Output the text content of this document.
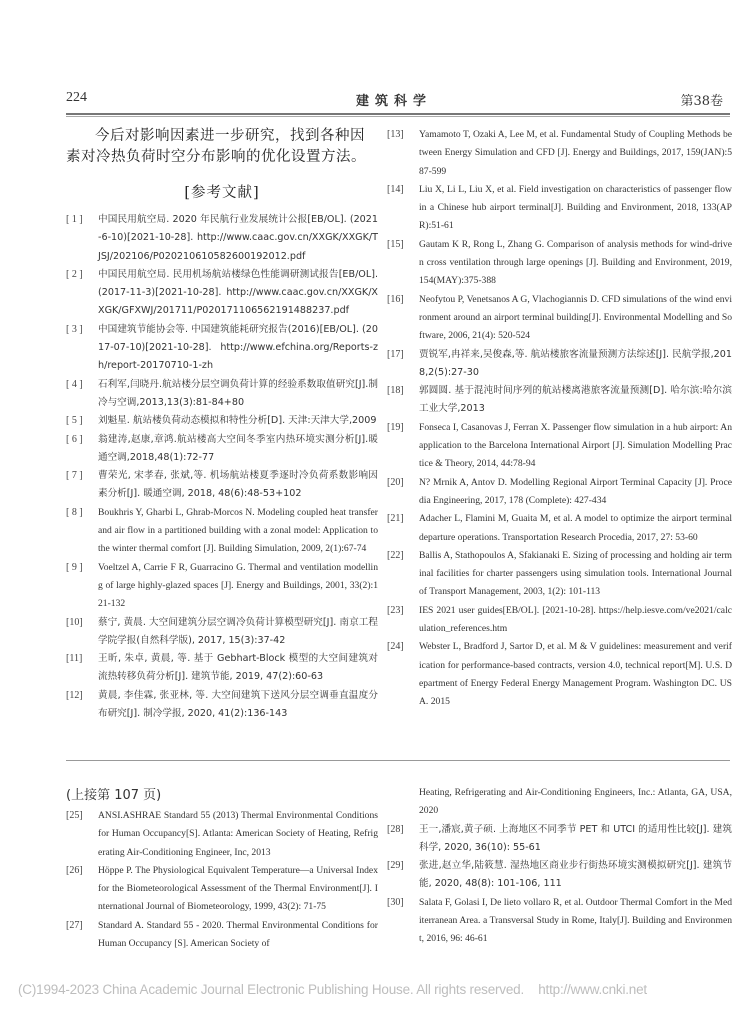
224	建筑科学	第38卷

今后对影响因素进一步研究，找到各种因素对冷热负荷时空分布影响的优化设置方法。

[参考文献]
[ 1 ]	中国民用航空局. 2020 年民航行业发展统计公报[EB/OL]. (2021-6-10)[2021-10-28]. http://www.caac.gov.cn/XXGK/XXGK/TJSJ/202106/P020210610582600192012.pdf
[ 2 ]	中国民用航空局. 民用机场航站楼绿色性能调研测试报告[EB/OL]. (2017-11-3)[2021-10-28]. http://www.caac.gov.cn/XXGK/XXGK/GFXWJ/201711/P020171106562191488237.pdf
[ 3 ]	中国建筑节能协会等. 中国建筑能耗研究报告(2016)[EB/OL]. (2017-07-10)[2021-10-28]. http://www.efchina.org/Reports-zh/report-20170710-1-zh
[ 4 ]	石利军,闫晓丹.航站楼分层空调负荷计算的经验系数取值研究[J].制冷与空调,2013,13(3):81-84+80
[ 5 ]	刘魁星. 航站楼负荷动态模拟和特性分析[D]. 天津:天津大学,2009
[ 6 ]	翁建涛,赵康,章鸿.航站楼高大空间冬季室内热环境实测分析[J].暖通空调,2018,48(1):72-77
[ 7 ]	曹荣光, 宋孝春, 张斌,等. 机场航站楼夏季逐时冷负荷系数影响因素分析[J]. 暖通空调, 2018, 48(6):48-53+102
[ 8 ]	Boukhris Y, Gharbi L, Ghrab-Morcos N. Modeling coupled heat transfer and air flow in a partitioned building with a zonal model: Application to the winter thermal comfort [J]. Building Simulation, 2009, 2(1):67-74
[ 9 ]	Voeltzel A, Carrie F R, Guarracino G. Thermal and ventilation modelling of large highly-glazed spaces [J]. Energy and Buildings, 2001, 33(2):121-132
[10]	蔡宁, 黄晨. 大空间建筑分层空调冷负荷计算模型研究[J]. 南京工程学院学报(自然科学版), 2017, 15(3):37-42
[11]	王昕, 朱卓, 黄晨, 等. 基于 Gebhart-Block 模型的大空间建筑对流热转移负荷分析[J]. 建筑节能, 2019, 47(2):60-63
[12]	黄晨, 李佳霖, 张亚林, 等. 大空间建筑下送风分层空调垂直温度分布研究[J]. 制冷学报, 2020, 41(2):136-143
[13]	Yamamoto T, Ozaki A, Lee M, et al. Fundamental Study of Coupling Methods between Energy Simulation and CFD [J]. Energy and Buildings, 2017, 159(JAN):587-599
[14]	Liu X, Li L, Liu X, et al. Field investigation on characteristics of passenger flow in a Chinese hub airport terminal[J]. Building and Environment, 2018, 133(APR):51-61
[15]	Gautam K R, Rong L, Zhang G. Comparison of analysis methods for wind-driven cross ventilation through large openings [J]. Building and Environment, 2019, 154(MAY):375-388
[16]	Neofytou P, Venetsanos A G, Vlachogiannis D. CFD simulations of the wind environment around an airport terminal building[J]. Environmental Modelling and Software, 2006, 21(4): 520-524
[17]	贾锐军,冉祥来,吴俊森,等. 航站楼旅客流量预测方法综述[J]. 民航学报,2018,2(5):27-30
[18]	郭圆圆. 基于混沌时间序列的航站楼离港旅客流量预测[D]. 哈尔滨:哈尔滨工业大学,2013
[19]	Fonseca I, Casanovas J, Ferran X. Passenger flow simulation in a hub airport: An application to the Barcelona International Airport [J]. Simulation Modelling Practice & Theory, 2014, 44:78-94
[20]	N? Mrnik A, Antov D. Modelling Regional Airport Terminal Capacity [J]. Procedia Engineering, 2017, 178 (Complete): 427-434
[21]	Adacher L, Flamini M, Guaita M, et al. A model to optimize the airport terminal departure operations. Transportation Research Procedia, 2017, 27: 53-60
[22]	Ballis A, Stathopoulos A, Sfakianaki E. Sizing of processing and holding air terminal facilities for charter passengers using simulation tools. International Journal of Transport Management, 2003, 1(2): 101-113
[23]	IES 2021 user guides[EB/OL]. [2021-10-28]. https://help.iesve.com/ve2021/calculation_references.htm
[24]	Webster L, Bradford J, Sartor D, et al. M & V guidelines: measurement and verification for performance-based contracts, version 4.0, technical report[M]. U.S. Department of Energy Federal Energy Management Program. Washington DC. USA. 2015
(上接第 107 页)
[25]	ANSI.ASHRAE Standard 55 (2013) Thermal Environmental Conditions for Human Occupancy[S]. Atlanta: American Society of Heating, Refrigerating Air-Conditioning Engineer, Inc, 2013
[26]	Höppe P. The Physiological Equivalent Temperature—a Universal Index for the Biometeorological Assessment of the Thermal Environment[J]. International Journal of Biometeorology, 1999, 43(2): 71-75
[27]	Standard A. Standard 55 - 2020. Thermal Environmental Conditions for Human Occupancy [S]. American Society of
Heating, Refrigerating and Air-Conditioning Engineers, Inc.: Atlanta, GA, USA, 2020
[28]	王一,潘宸,黄子硕. 上海地区不同季节 PET 和 UTCI 的适用性比较[J]. 建筑科学, 2020, 36(10): 55-61
[29]	张进,赵立华,陆筱慧. 湿热地区商业步行街热环境实测模拟研究[J]. 建筑节能, 2020, 48(8): 101-106, 111
[30]	Salata F, Golasi I, De lieto vollaro R, et al. Outdoor Thermal Comfort in the Mediterranean Area. a Transversal Study in Rome, Italy[J]. Building and Environment, 2016, 96: 46-61
(C)1994-2023 China Academic Journal Electronic Publishing House. All rights reserved.    http://www.cnki.net
